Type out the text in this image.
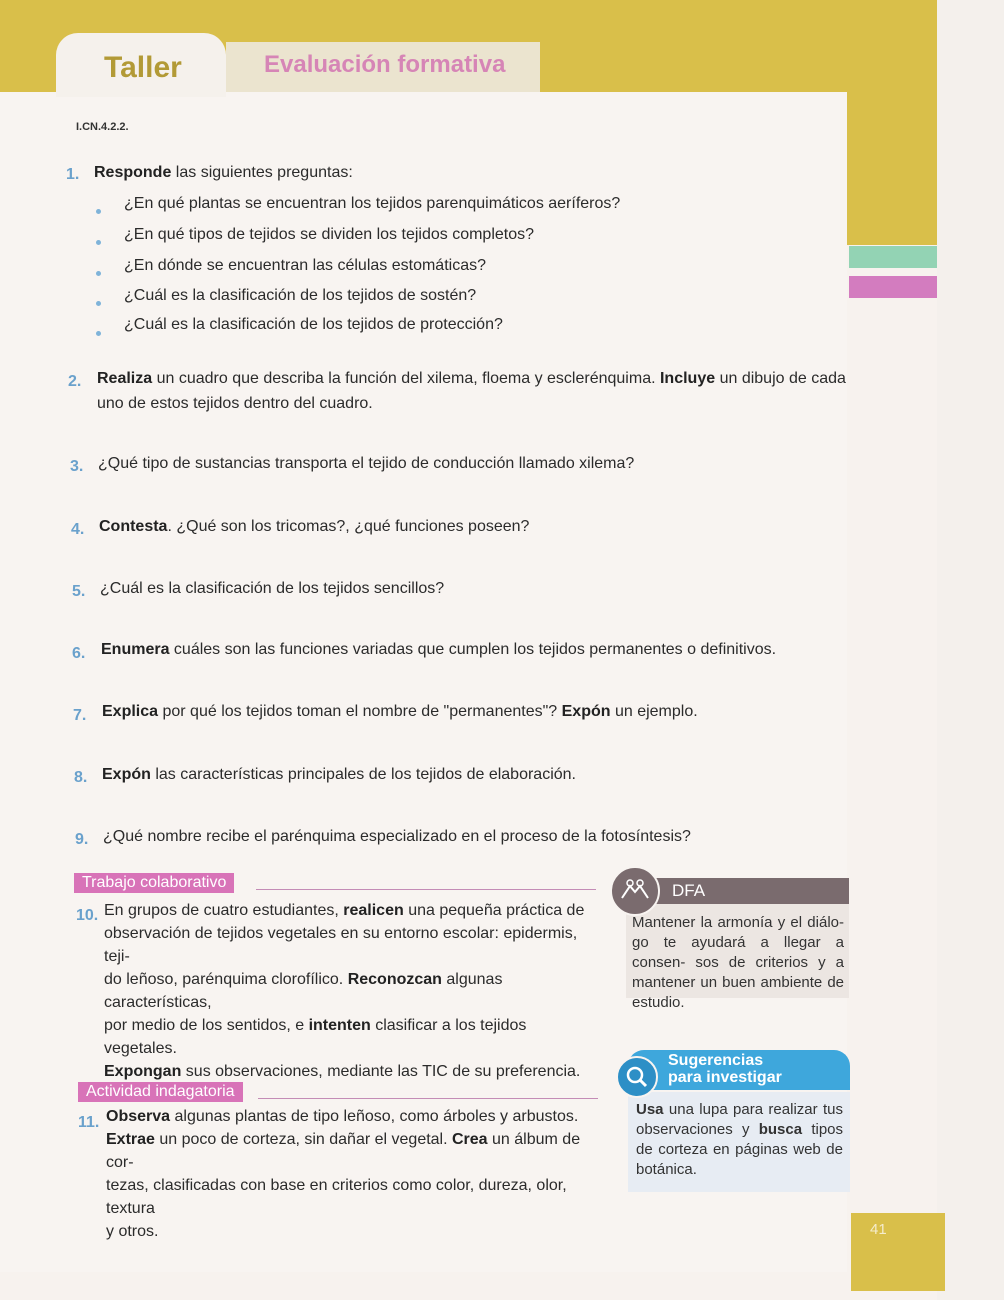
Taller	Evaluación formativa
I.CN.4.2.2.
1. Responde las siguientes preguntas:
¿En qué plantas se encuentran los tejidos parenquimáticos aeríferos?
¿En qué tipos de tejidos se dividen los tejidos completos?
¿En dónde se encuentran las células estomáticas?
¿Cuál es la clasificación de los tejidos de sostén?
¿Cuál es la clasificación de los tejidos de protección?
2. Realiza un cuadro que describa la función del xilema, floema y esclerénquima. Incluye un dibujo de cada
uno de estos tejidos dentro del cuadro.
3. ¿Qué tipo de sustancias transporta el tejido de conducción llamado xilema?
4. Contesta. ¿Qué son los tricomas?, ¿qué funciones poseen?
5. ¿Cuál es la clasificación de los tejidos sencillos?
6. Enumera cuáles son las funciones variadas que cumplen los tejidos permanentes o definitivos.
7. Explica por qué los tejidos toman el nombre de "permanentes"? Expón un ejemplo.
8. Expón las características principales de los tejidos de elaboración.
9. ¿Qué nombre recibe el parénquima especializado en el proceso de la fotosíntesis?
Trabajo colaborativo
10. En grupos de cuatro estudiantes, realicen una pequeña práctica de
observación de tejidos vegetales en su entorno escolar: epidermis, teji-
do leñoso, parénquima clorofílico. Reconozcan algunas características,
por medio de los sentidos, e intenten clasificar a los tejidos vegetales.
Expongan sus observaciones, mediante las TIC de su preferencia.
DFA
Mantener la armonía y el diálo- go te ayudará a llegar a consen- sos de criterios y a mantener un buen ambiente de estudio.
Actividad indagatoria
11. Observa algunas plantas de tipo leñoso, como árboles y arbustos.
Extrae un poco de corteza, sin dañar el vegetal. Crea un álbum de cor-
tezas, clasificadas con base en criterios como color, dureza, olor, textura
y otros.
Sugerencias
para investigar
Usa una lupa para realizar tus observaciones y busca tipos de corteza en páginas web de botánica.
41
